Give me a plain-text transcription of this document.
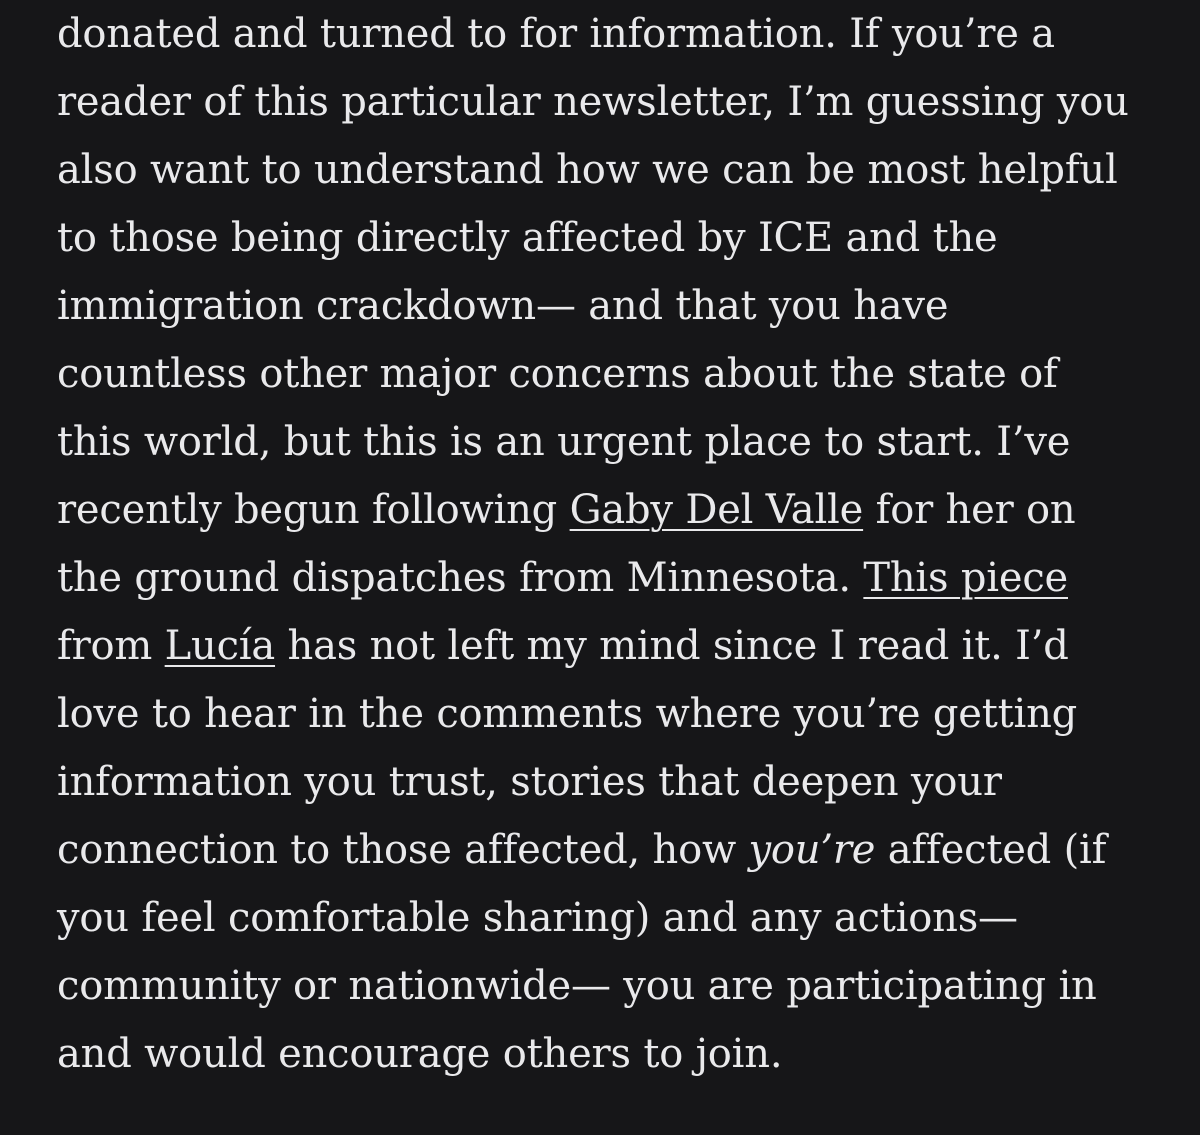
donated and turned to for information. If you’re a
reader of this particular newsletter, I’m guessing you
also want to understand how we can be most helpful
to those being directly affected by ICE and the
immigration crackdown— and that you have
countless other major concerns about the state of
this world, but this is an urgent place to start. I’ve
recently begun following Gaby Del Valle for her on
the ground dispatches from Minnesota. This piece
from Lucía has not left my mind since I read it. I’d
love to hear in the comments where you’re getting
information you trust, stories that deepen your
connection to those affected, how you’re affected (if
you feel comfortable sharing) and any actions—
community or nationwide— you are participating in
and would encourage others to join.
